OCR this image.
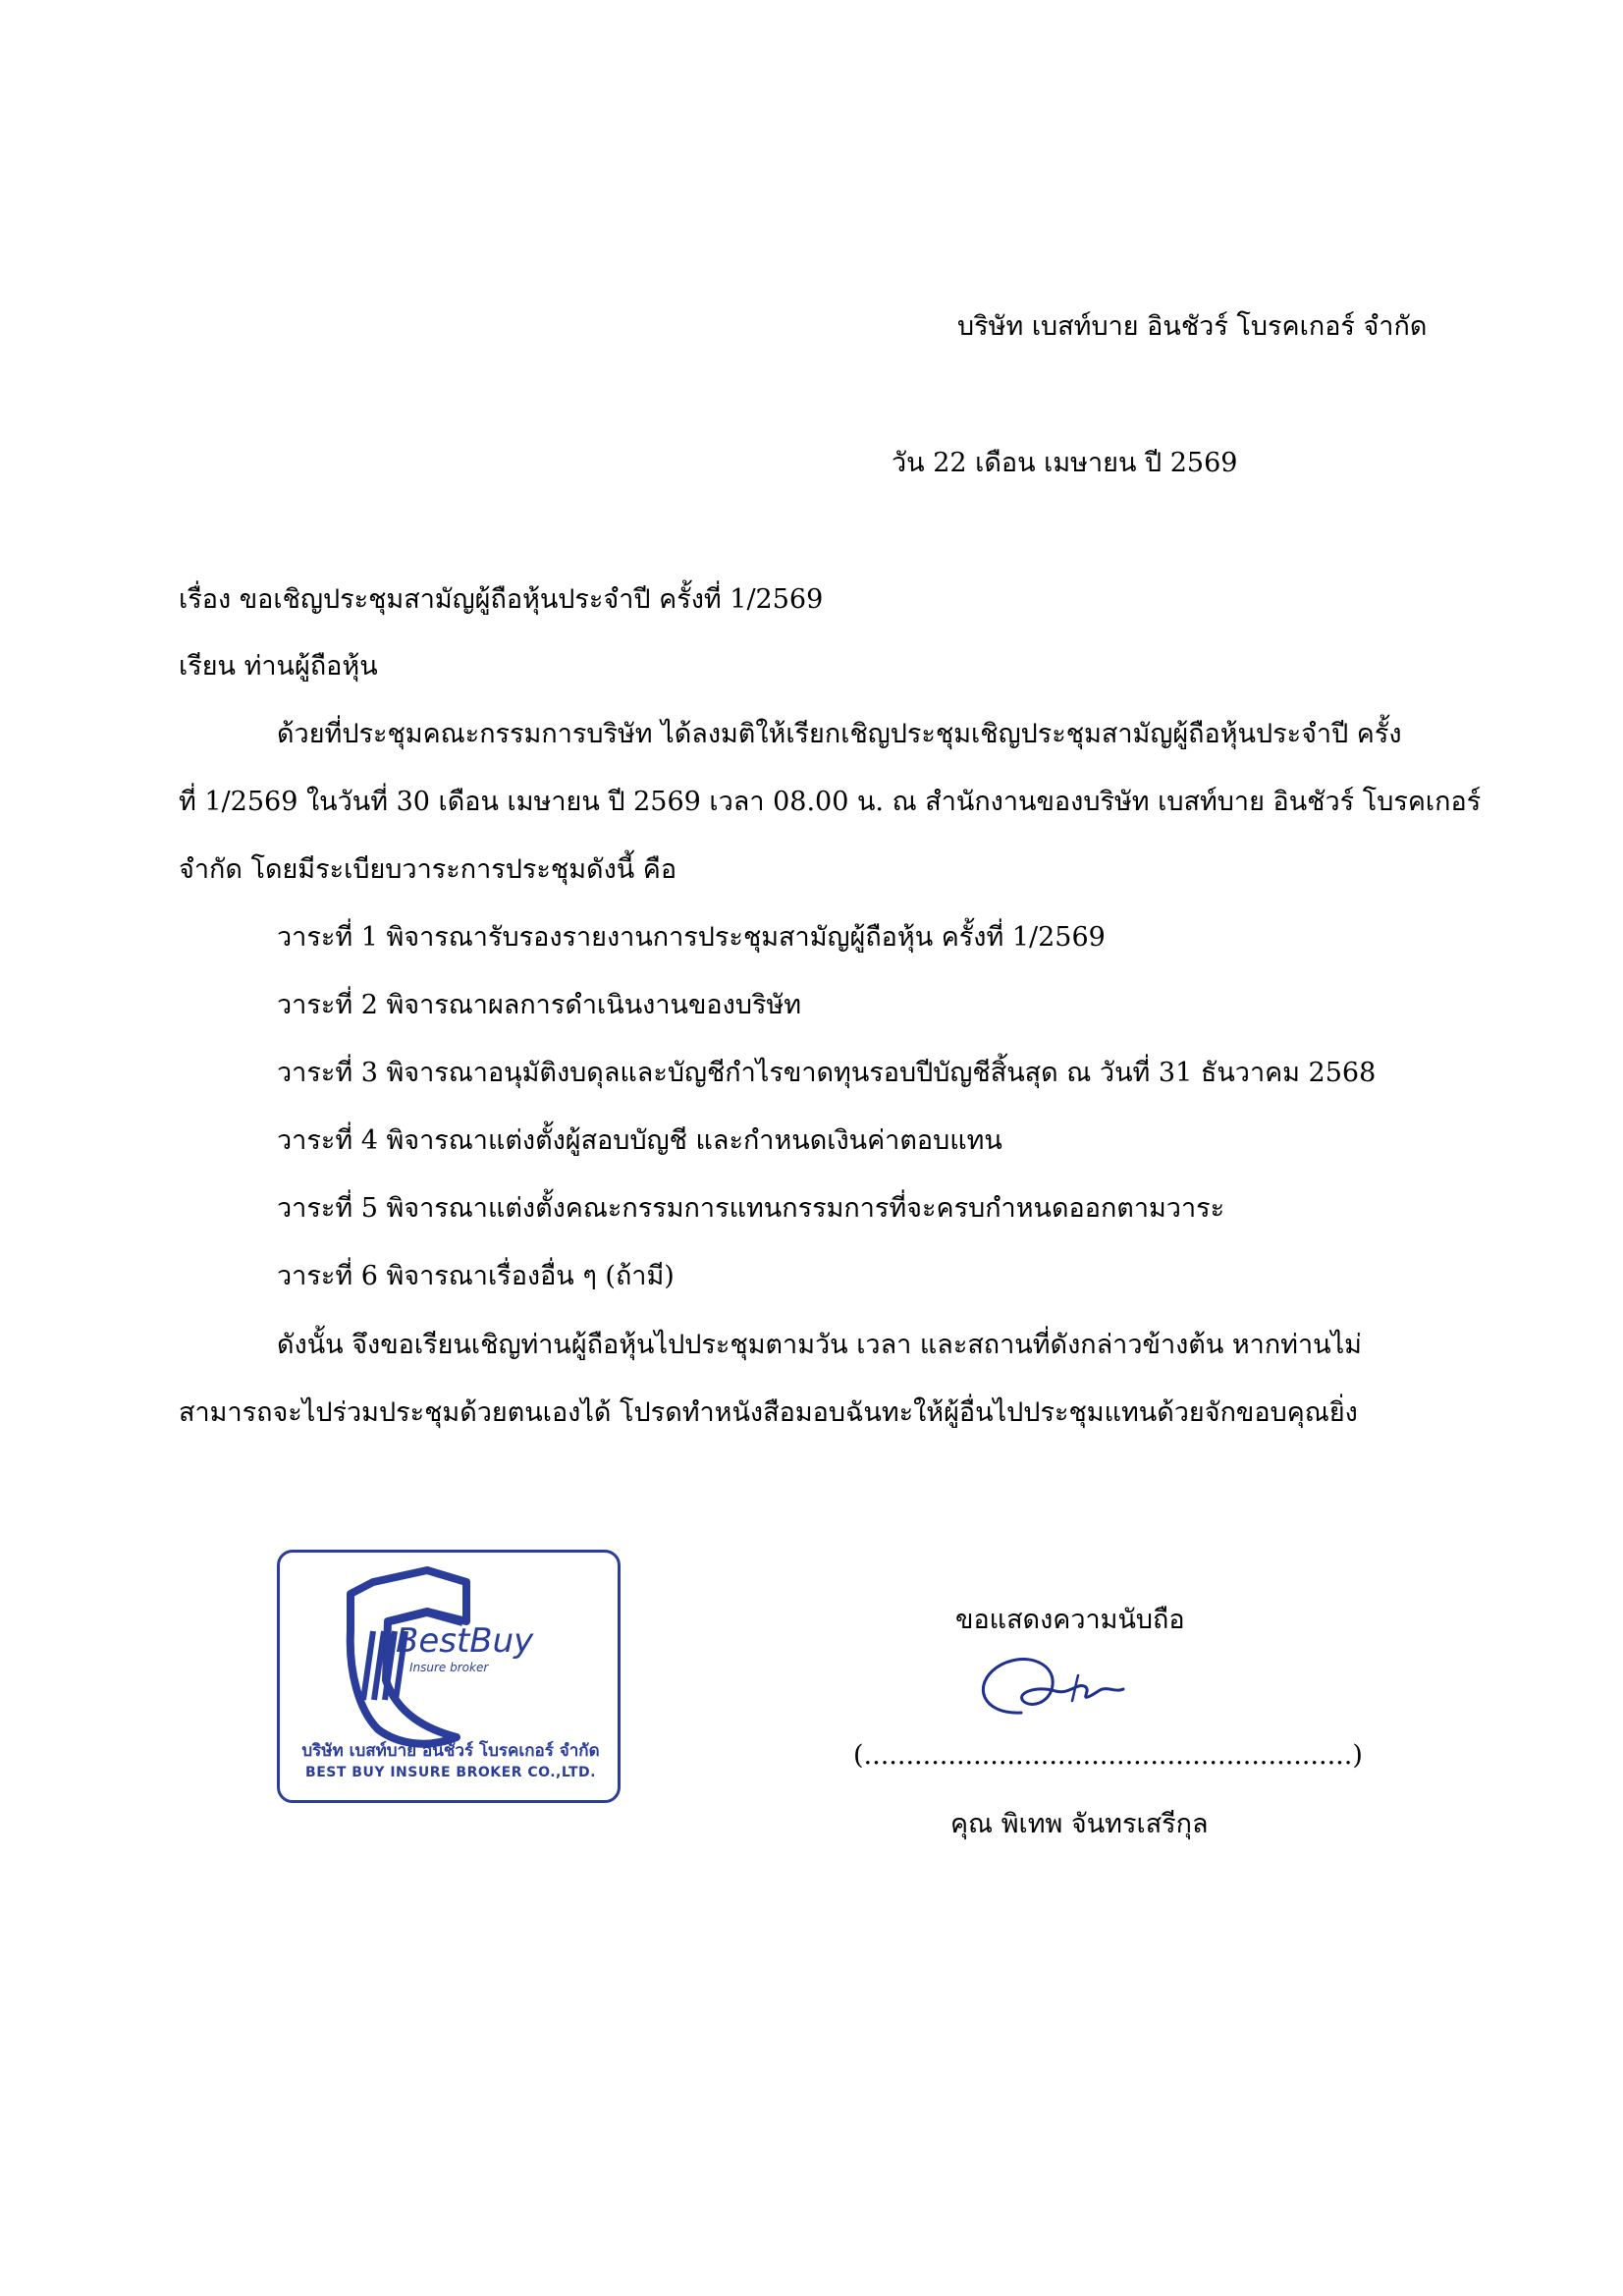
บริษัท เบสท์บาย อินชัวร์ โบรคเกอร์ จำกัด
วัน 22 เดือน เมษายน ปี 2569
เรื่อง ขอเชิญประชุมสามัญผู้ถือหุ้นประจำปี ครั้งที่ 1/2569
เรียน ท่านผู้ถือหุ้น
ด้วยที่ประชุมคณะกรรมการบริษัท ได้ลงมติให้เรียกเชิญประชุมเชิญประชุมสามัญผู้ถือหุ้นประจำปี ครั้ง
ที่ 1/2569 ในวันที่ 30 เดือน เมษายน ปี 2569 เวลา 08.00 น. ณ สำนักงานของบริษัท เบสท์บาย อินชัวร์ โบรคเกอร์
จำกัด โดยมีระเบียบวาระการประชุมดังนี้ คือ
วาระที่ 1 พิจารณารับรองรายงานการประชุมสามัญผู้ถือหุ้น ครั้งที่ 1/2569
วาระที่ 2 พิจารณาผลการดำเนินงานของบริษัท
วาระที่ 3 พิจารณาอนุมัติงบดุลและบัญชีกำไรขาดทุนรอบปีบัญชีสิ้นสุด ณ วันที่ 31 ธันวาคม 2568
วาระที่ 4 พิจารณาแต่งตั้งผู้สอบบัญชี และกำหนดเงินค่าตอบแทน
วาระที่ 5 พิจารณาแต่งตั้งคณะกรรมการแทนกรรมการที่จะครบกำหนดออกตามวาระ
วาระที่ 6 พิจารณาเรื่องอื่น ๆ (ถ้ามี)
ดังนั้น จึงขอเรียนเชิญท่านผู้ถือหุ้นไปประชุมตามวัน เวลา และสถานที่ดังกล่าวข้างต้น หากท่านไม่
สามารถจะไปร่วมประชุมด้วยตนเองได้ โปรดทำหนังสือมอบฉันทะให้ผู้อื่นไปประชุมแทนด้วยจักขอบคุณยิ่ง
BestBuy
Insure broker
บริษัท เบสท์บาย อินชัวร์ โบรคเกอร์ จำกัด
BEST BUY INSURE BROKER CO.,LTD.
ขอแสดงความนับถือ
(..........................................................)
คุณ พิเทพ จันทรเสรีกุล
